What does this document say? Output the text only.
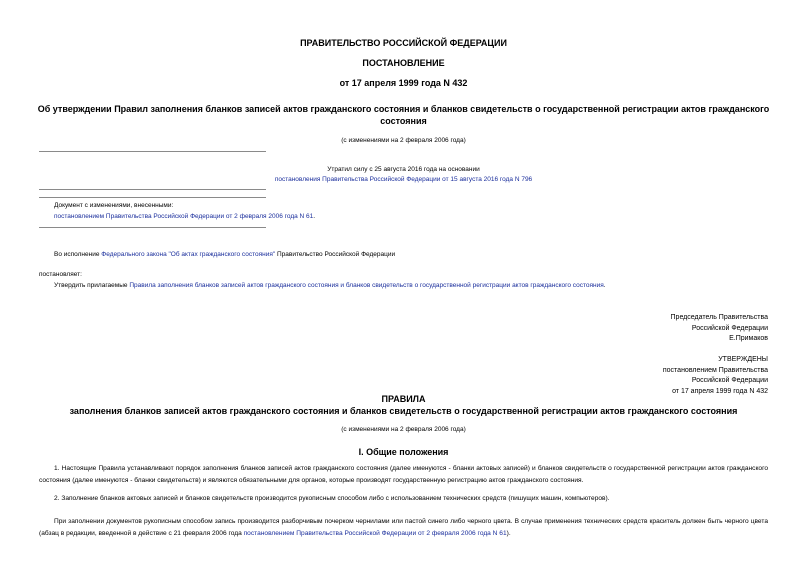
ПРАВИТЕЛЬСТВО РОССИЙСКОЙ ФЕДЕРАЦИИ
ПОСТАНОВЛЕНИЕ
от 17 апреля 1999 года N 432
Об утверждении Правил заполнения бланков записей актов гражданского состояния и бланков свидетельств о государственной регистрации актов гражданского
состояния
(с изменениями на 2 февраля 2006 года)
Утратил силу с 25 августа 2016 года на основании
постановления Правительства Российской Федерации от 15 августа 2016 года N 796
Документ с изменениями, внесенными:
постановлением Правительства Российской Федерации от 2 февраля 2006 года N 61.
Во исполнение Федерального закона "Об актах гражданского состояния" Правительство Российской Федерации
постановляет:
Утвердить прилагаемые Правила заполнения бланков записей актов гражданского состояния и бланков свидетельств о государственной регистрации актов гражданского состояния.
Председатель Правительства
Российской Федерации
Е.Примаков
УТВЕРЖДЕНЫ
постановлением Правительства
Российской Федерации
от 17 апреля 1999 года N 432
ПРАВИЛА
заполнения бланков записей актов гражданского состояния и бланков свидетельств о государственной регистрации актов гражданского состояния
(с изменениями на 2 февраля 2006 года)
I. Общие положения
1. Настоящие Правила устанавливают порядок заполнения бланков записей актов гражданского состояния (далее именуются - бланки актовых записей) и бланков свидетельств о государственной регистрации актов гражданского состояния (далее именуются - бланки свидетельств) и являются обязательными для органов, которые производят государственную регистрацию актов гражданского состояния.
2. Заполнение бланков актовых записей и бланков свидетельств производится рукописным способом либо с использованием технических средств (пишущих машин, компьютеров).
При заполнении документов рукописным способом запись производится разборчивым почерком чернилами или пастой синего либо черного цвета. В случае применения технических средств краситель должен быть черного цвета (абзац в редакции, введенной в действие с 21 февраля 2006 года постановлением Правительства Российской Федерации от 2 февраля 2006 года N 61).
